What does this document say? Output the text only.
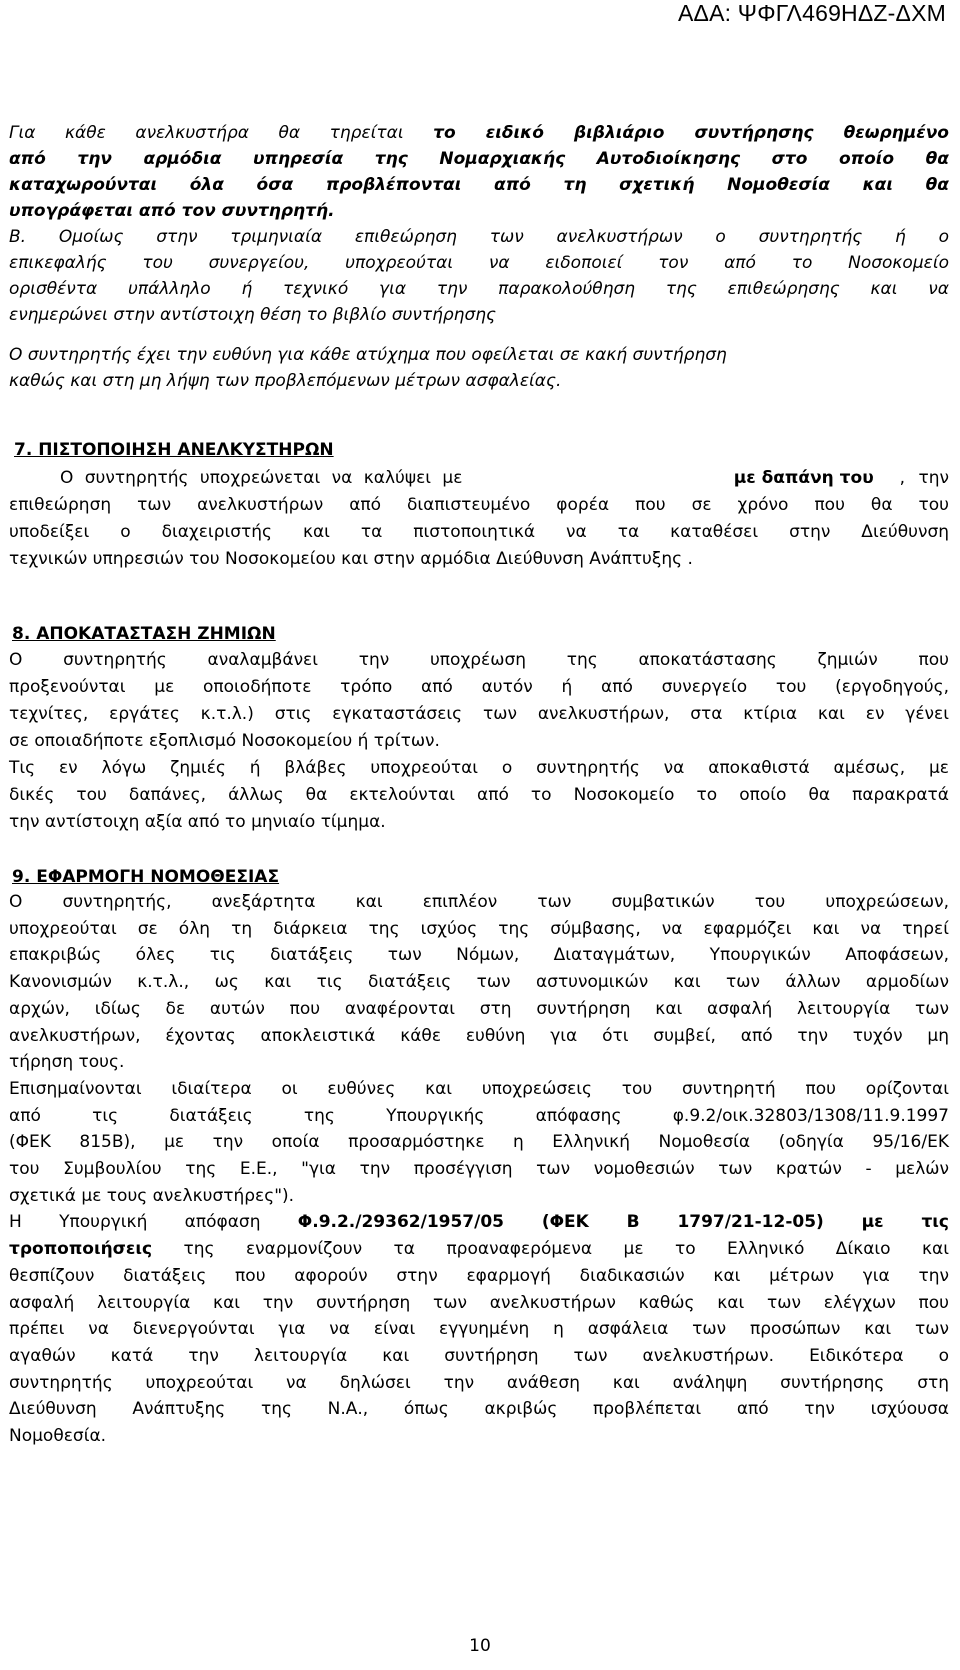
ΑΔΑ: ΨΦΓΛ469ΗΔΖ-ΔΧΜ
Για κάθε ανελκυστήρα θα τηρείται το ειδικό βιβλιάριο συντήρησης θεωρημένο
από την αρμόδια υπηρεσία της Νομαρχιακής Αυτοδιοίκησης στο οποίο θα
καταχωρούνται όλα όσα προβλέπονται από τη σχετική Νομοθεσία και θα
υπογράφεται από τον συντηρητή.
Β. Ομοίως στην τριμηνιαία επιθεώρηση των ανελκυστήρων ο συντηρητής ή ο
επικεφαλής του συνεργείου, υποχρεούται να ειδοποιεί τον από το Νοσοκομείο
ορισθέντα υπάλληλο ή τεχνικό για την παρακολούθηση της επιθεώρησης και να
ενημερώνει στην αντίστοιχη θέση το βιβλίο συντήρησης
Ο συντηρητής έχει την ευθύνη για κάθε ατύχημα που οφείλεται σε κακή συντήρηση
καθώς και στη μη λήψη των προβλεπόμενων μέτρων ασφαλείας.
7. ΠΙΣΤΟΠΟΙΗΣΗ ΑΝΕΛΚΥΣΤΗΡΩΝ
Ο συντηρητής υποχρεώνεται να καλύψει με	με δαπάνη του , την
επιθεώρηση των ανελκυστήρων από διαπιστευμένο φορέα που σε χρόνο που θα του
υποδείξει ο διαχειριστής και τα πιστοποιητικά να τα καταθέσει στην Διεύθυνση
τεχνικών υπηρεσιών του Νοσοκομείου και στην αρμόδια Διεύθυνση Ανάπτυξης .
8. ΑΠΟΚΑΤΑΣΤΑΣΗ ΖΗΜΙΩΝ
Ο συντηρητής αναλαμβάνει την υποχρέωση της αποκατάστασης ζημιών που
προξενούνται με οποιοδήποτε τρόπο από αυτόν ή από συνεργείο του (εργοδηγούς,
τεχνίτες, εργάτες κ.τ.λ.) στις εγκαταστάσεις των ανελκυστήρων, στα κτίρια και εν γένει
σε οποιαδήποτε εξοπλισμό Νοσοκομείου ή τρίτων.
Τις εν λόγω ζημιές ή βλάβες υποχρεούται ο συντηρητής να αποκαθιστά αμέσως, με
δικές του δαπάνες, άλλως θα εκτελούνται από το Νοσοκομείο το οποίο θα παρακρατά
την αντίστοιχη αξία από το μηνιαίο τίμημα.
9. ΕΦΑΡΜΟΓΗ ΝΟΜΟΘΕΣΙΑΣ
Ο συντηρητής, ανεξάρτητα και επιπλέον των συμβατικών του υποχρεώσεων,
υποχρεούται σε όλη τη διάρκεια της ισχύος της σύμβασης, να εφαρμόζει και να τηρεί
επακριβώς όλες τις διατάξεις των Νόμων, Διαταγμάτων, Υπουργικών Αποφάσεων,
Κανονισμών κ.τ.λ., ως και τις διατάξεις των αστυνομικών και των άλλων αρμοδίων
αρχών, ιδίως δε αυτών που αναφέρονται στη συντήρηση και ασφαλή λειτουργία των
ανελκυστήρων, έχοντας αποκλειστικά κάθε ευθύνη για ότι συμβεί, από την τυχόν μη
τήρηση τους.
Επισημαίνονται ιδιαίτερα οι ευθύνες και υποχρεώσεις του συντηρητή που ορίζονται
από τις διατάξεις της Υπουργικής απόφασης φ.9.2/οικ.32803/1308/11.9.1997
(ΦΕΚ 815Β), με την οποία προσαρμόστηκε η Ελληνική Νομοθεσία (οδηγία 95/16/ΕΚ
του Συμβουλίου της Ε.Ε., "για την προσέγγιση των νομοθεσιών των κρατών - μελών
σχετικά με τους ανελκυστήρες").
Η Υπουργική απόφαση Φ.9.2./29362/1957/05 (ΦΕΚ Β 1797/21-12-05) με τις
τροποποιήσεις της εναρμονίζουν τα προαναφερόμενα με το Ελληνικό Δίκαιο και
θεσπίζουν διατάξεις που αφορούν στην εφαρμογή διαδικασιών και μέτρων για την
ασφαλή λειτουργία και την συντήρηση των ανελκυστήρων καθώς και των ελέγχων που
πρέπει να διενεργούνται για να είναι εγγυημένη η ασφάλεια των προσώπων και των
αγαθών κατά την λειτουργία και συντήρηση των ανελκυστήρων. Ειδικότερα ο
συντηρητής υποχρεούται να δηλώσει την ανάθεση και ανάληψη συντήρησης στη
Διεύθυνση Ανάπτυξης της Ν.Α., όπως ακριβώς προβλέπεται από την ισχύουσα
Νομοθεσία.
10
